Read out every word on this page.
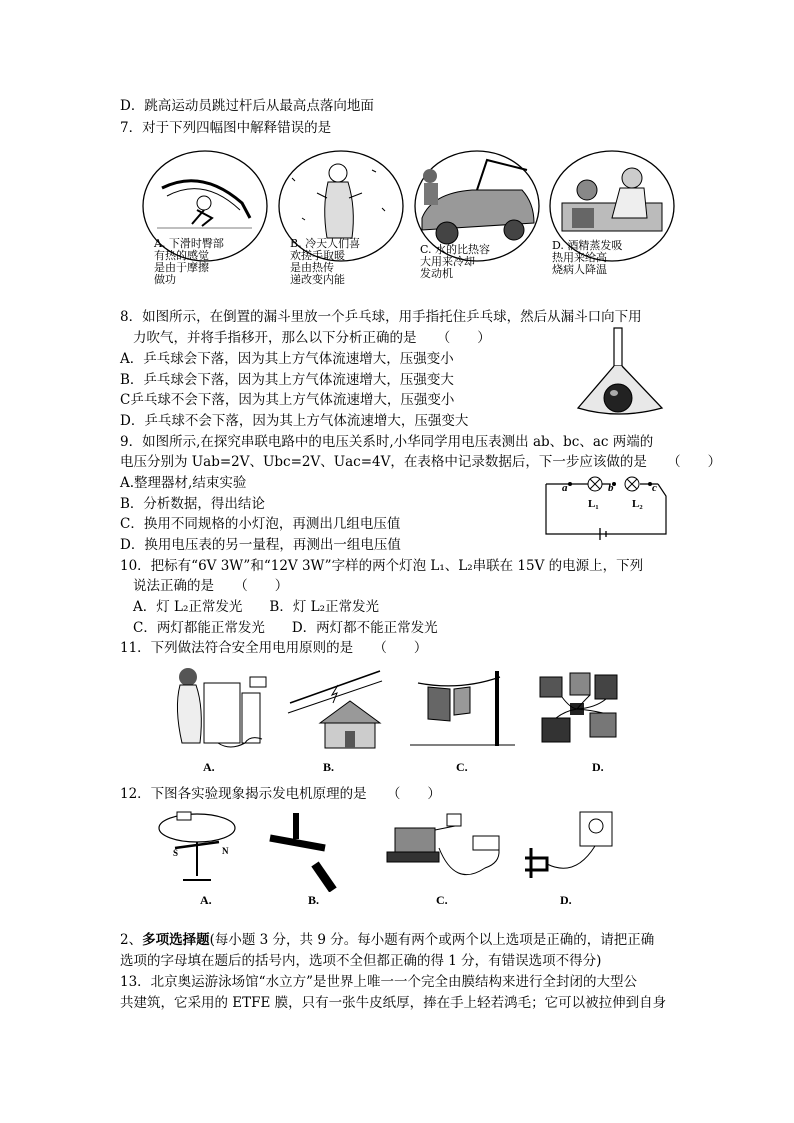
D．跳高运动员跳过杆后从最高点落向地面
7．对于下列四幅图中解释错误的是
A. 下滑时臀部
有热的感觉
是由于摩擦
做功
B. 冷天人们喜
欢搓手取暖
是由热传
递改变内能
C. 水的比热容
大用来冷却
发动机
D. 酒精蒸发吸
热用来给高
烧病人降温
8．如图所示，在倒置的漏斗里放一个乒乓球，用手指托住乒乓球，然后从漏斗口向下用
力吹气，并将手指移开，那么以下分析正确的是　　（　　）
A．乒乓球会下落，因为其上方气体流速增大，压强变小
B．乒乓球会下落，因为其上方气体流速增大，压强变大
C乒乓球不会下落，因为其上方气体流速增大，压强变小
D．乒乓球不会下落，因为其上方气体流速增大，压强变大
9．如图所示,在探究串联电路中的电压关系时,小华同学用电压表测出 ab、bc、ac 两端的
电压分别为 Uab=2V、Ubc=2V、Uac=4V，在表格中记录数据后，下一步应该做的是　　（　　）
A.整理器材,结束实验
B．分析数据，得出结论
C．换用不同规格的小灯泡，再测出几组电压值
D．换用电压表的另一量程，再测出一组电压值
a	b	c
L₁	L₂
10．把标有“6V 3W”和“12V 3W”字样的两个灯泡 L₁、L₂串联在 15V 的电源上，下列
说法正确的是　　（　　）
A．灯 L₂正常发光　　B．灯 L₂正常发光
C．两灯都能正常发光　　D．两灯都不能正常发光
11．下列做法符合安全用电用原则的是　　（　　）
A.	B.	C.	D.
12．下图各实验现象揭示发电机原理的是　　（　　）
S	N
A.	B.	C.	D.
2、多项选择题(每小题 3 分，共 9 分。每小题有两个或两个以上选项是正确的，请把正确
选项的字母填在题后的括号内，选项不全但都正确的得 1 分，有错误选项不得分)
13．北京奥运游泳场馆“水立方”是世界上唯一一个完全由膜结构来进行全封闭的大型公
共建筑，它采用的 ETFE 膜，只有一张牛皮纸厚，捧在手上轻若鸿毛；它可以被拉伸到自身
